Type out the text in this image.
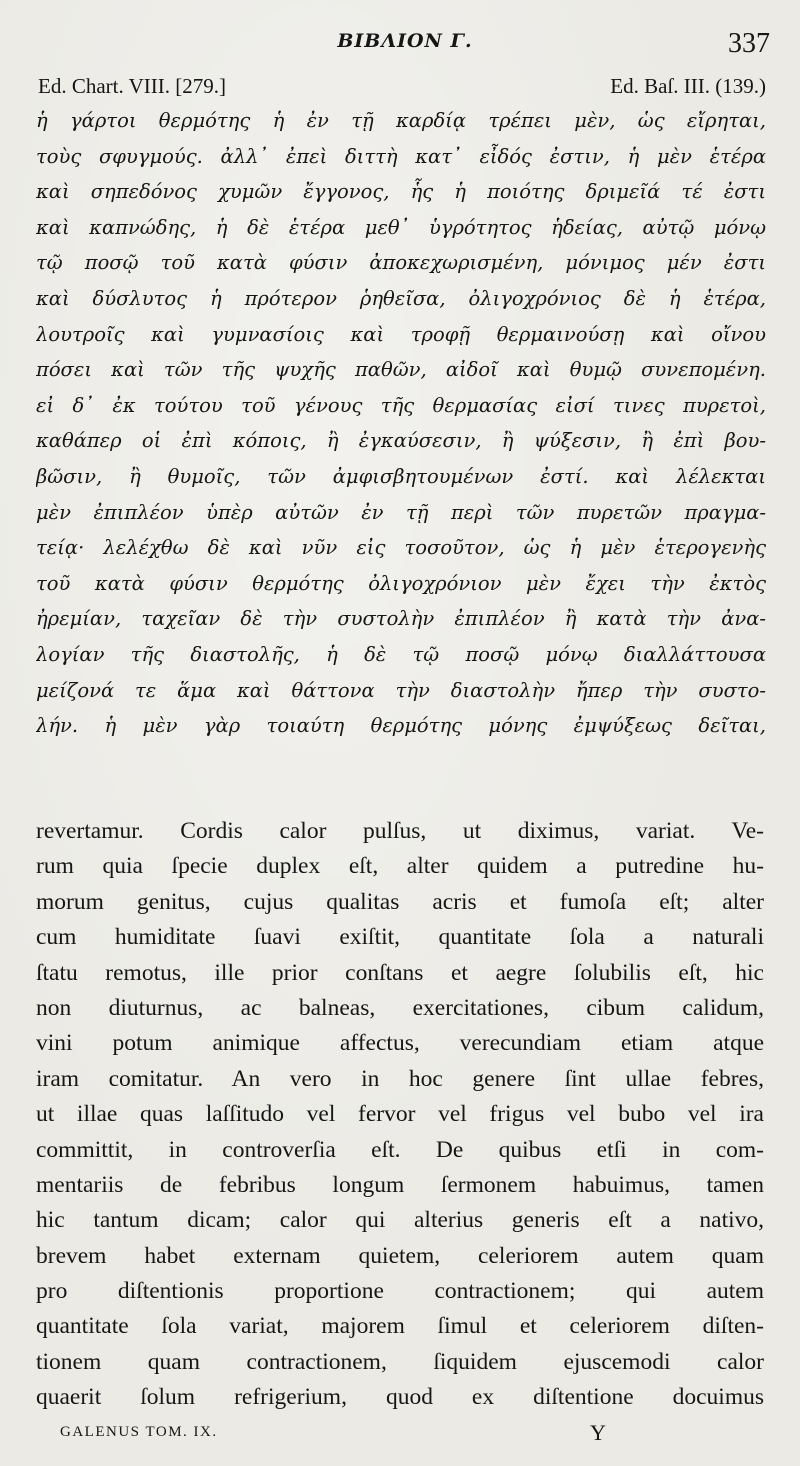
ΒΙΒΛΙΟΝ Γ.	337
Ed. Chart. VIII. [279.]	Ed. Baſ. III. (139.)
ἡ γάρτοι θερμότης ἡ ἐν τῇ καρδίᾳ τρέπει μὲν, ὡς εἴρηται,
τοὺς σφυγμούς. ἀλλ᾽ ἐπεὶ διττὴ κατ᾽ εἶδός ἐστιν, ἡ μὲν ἑτέρα
καὶ σηπεδόνος χυμῶν ἔγγονος, ἧς ἡ ποιότης δριμεῖά τέ ἐστι
καὶ καπνώδης, ἡ δὲ ἑτέρα μεθ᾽ ὑγρότητος ἡδείας, αὐτῷ μόνῳ
τῷ ποσῷ τοῦ κατὰ φύσιν ἀποκεχωρισμένη, μόνιμος μέν ἐστι
καὶ δύσλυτος ἡ πρότερον ῥηθεῖσα, ὀλιγοχρόνιος δὲ ἡ ἑτέρα,
λουτροῖς καὶ γυμνασίοις καὶ τροφῇ θερμαινούσῃ καὶ οἴνου
πόσει καὶ τῶν τῆς ψυχῆς παθῶν, αἰδοῖ καὶ θυμῷ συνεπομένη.
εἰ δ᾽ ἐκ τούτου τοῦ γένους τῆς θερμασίας εἰσί τινες πυρετοὶ,
καθάπερ οἱ ἐπὶ κόποις, ἢ ἐγκαύσεσιν, ἢ ψύξεσιν, ἢ ἐπὶ βου-
βῶσιν, ἢ θυμοῖς, τῶν ἀμφισβητουμένων ἐστί. καὶ λέλεκται
μὲν ἐπιπλέον ὑπὲρ αὐτῶν ἐν τῇ περὶ τῶν πυρετῶν πραγμα-
τείᾳ· λελέχθω δὲ καὶ νῦν εἰς τοσοῦτον, ὡς ἡ μὲν ἑτερογενὴς
τοῦ κατὰ φύσιν θερμότης ὀλιγοχρόνιον μὲν ἔχει τὴν ἐκτὸς
ἠρεμίαν, ταχεῖαν δὲ τὴν συστολὴν ἐπιπλέον ἢ κατὰ τὴν ἀνα-
λογίαν τῆς διαστολῆς, ἡ δὲ τῷ ποσῷ μόνῳ διαλλάττουσα
μείζονά τε ἅμα καὶ θάττονα τὴν διαστολὴν ἤπερ τὴν συστο-
λήν. ἡ μὲν γὰρ τοιαύτη θερμότης μόνης ἐμψύξεως δεῖται,
revertamur. Cordis calor pulſus, ut diximus, variat. Ve-
rum quia ſpecie duplex eſt, alter quidem a putredine hu-
morum genitus, cujus qualitas acris et fumoſa eſt; alter
cum humiditate ſuavi exiſtit, quantitate ſola a naturali
ſtatu remotus, ille prior conſtans et aegre ſolubilis eſt, hic
non diuturnus, ac balneas, exercitationes, cibum calidum,
vini potum animique affectus, verecundiam etiam atque
iram comitatur. An vero in hoc genere ſint ullae febres,
ut illae quas laſſitudo vel fervor vel frigus vel bubo vel ira
committit, in controverſia eſt. De quibus etſi in com-
mentariis de febribus longum ſermonem habuimus, tamen
hic tantum dicam; calor qui alterius generis eſt a nativo,
brevem habet externam quietem, celeriorem autem quam
pro diſtentionis proportione contractionem; qui autem
quantitate ſola variat, majorem ſimul et celeriorem diſten-
tionem quam contractionem, ſiquidem ejuscemodi calor
quaerit ſolum refrigerium, quod ex diſtentione docuimus
GALENUS TOM. IX.	Y
